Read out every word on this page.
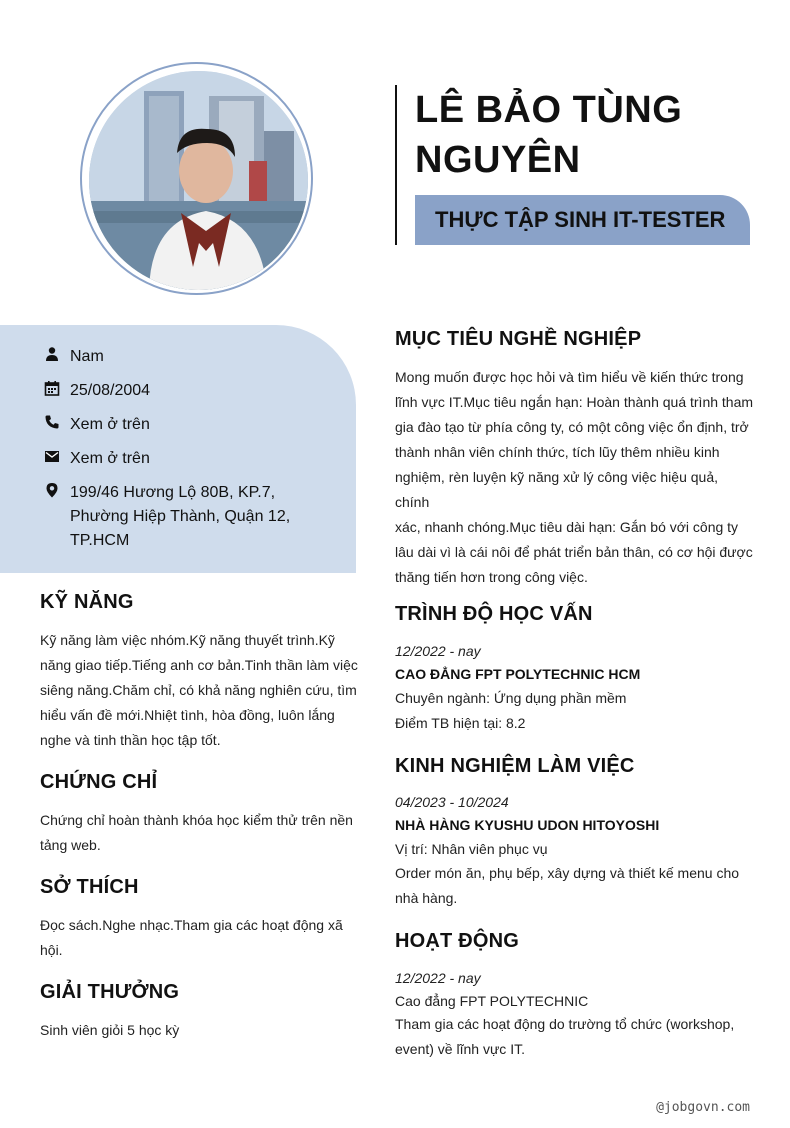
LÊ BẢO TÙNG
NGUYÊN
THỰC TẬP SINH IT-TESTER
Nam
25/08/2004
Xem ở trên
Xem ở trên
199/46 Hương Lộ 80B, KP.7,
Phường Hiệp Thành, Quận 12,
TP.HCM
KỸ NĂNG
Kỹ năng làm việc nhóm.Kỹ năng thuyết trình.Kỹ
năng giao tiếp.Tiếng anh cơ bản.Tinh thần làm việc
siêng năng.Chăm chỉ, có khả năng nghiên cứu, tìm
hiểu vấn đề mới.Nhiệt tình, hòa đồng, luôn lắng
nghe và tinh thần học tập tốt.
CHỨNG CHỈ
Chứng chỉ hoàn thành khóa học kiểm thử trên nền
tảng web.
SỞ THÍCH
Đọc sách.Nghe nhạc.Tham gia các hoạt động xã
hội.
GIẢI THƯỞNG
Sinh viên giỏi 5 học kỳ
MỤC TIÊU NGHỀ NGHIỆP
Mong muốn được học hỏi và tìm hiểu về kiến thức trong
lĩnh vực IT.Mục tiêu ngắn hạn: Hoàn thành quá trình tham
gia đào tạo từ phía công ty, có một công việc ổn định, trở
thành nhân viên chính thức, tích lũy thêm nhiều kinh
nghiệm, rèn luyện kỹ năng xử lý công việc hiệu quả, chính
xác, nhanh chóng.Mục tiêu dài hạn: Gắn bó với công ty
lâu dài vì là cái nôi để phát triển bản thân, có cơ hội được
thăng tiến hơn trong công việc.
TRÌNH ĐỘ HỌC VẤN
12/2022 - nay
CAO ĐẲNG FPT POLYTECHNIC HCM
Chuyên ngành: Ứng dụng phần mềm
Điểm TB hiện tại: 8.2
KINH NGHIỆM LÀM VIỆC
04/2023 - 10/2024
NHÀ HÀNG KYUSHU UDON HITOYOSHI
Vị trí: Nhân viên phục vụ
Order món ăn, phụ bếp, xây dựng và thiết kế menu cho
nhà hàng.
HOẠT ĐỘNG
12/2022 - nay
Cao đẳng FPT POLYTECHNIC
Tham gia các hoạt động do trường tổ chức (workshop,
event) về lĩnh vực IT.
@jobgovn.com
